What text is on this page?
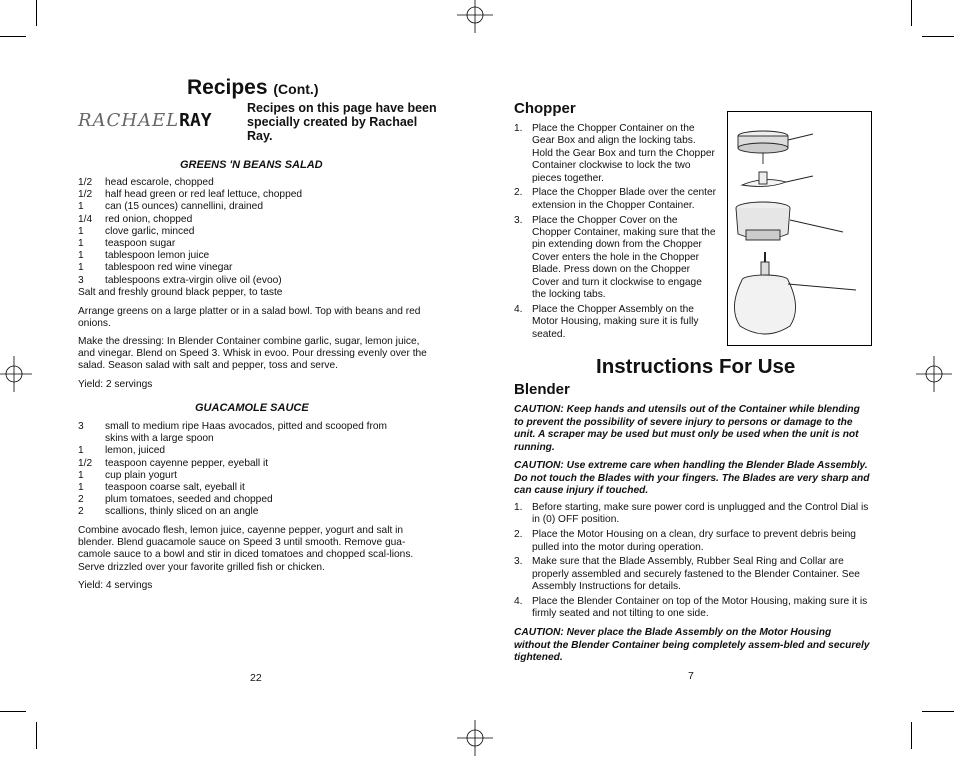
Recipes (Cont.)
RACHAELRAY
Recipes on this page have been specially created by Rachael Ray.
GREENS 'N BEANS SALAD
1/2	head escarole, chopped
1/2	half head green or red leaf lettuce, chopped
1	can (15 ounces) cannellini, drained
1/4	red onion, chopped
1	clove garlic, minced
1	teaspoon sugar
1	tablespoon lemon juice
1	tablespoon red wine vinegar
3	tablespoons extra-virgin olive oil (evoo)
Salt and freshly ground black pepper, to taste
Arrange greens on a large platter or in a salad bowl. Top with beans and red onions.
Make the dressing: In Blender Container combine garlic, sugar, lemon juice, and vinegar. Blend on Speed 3. Whisk in evoo. Pour dressing evenly over the salad. Season salad with salt and pepper, toss and serve.
Yield: 2 servings
GUACAMOLE SAUCE
3	small to medium ripe Haas avocados, pitted and scooped from skins with a large spoon
1	lemon, juiced
1/2	teaspoon cayenne pepper, eyeball it
1	cup plain yogurt
1	teaspoon coarse salt, eyeball it
2	plum tomatoes, seeded and chopped
2	scallions, thinly sliced on an angle
Combine avocado flesh, lemon juice, cayenne pepper, yogurt and salt in blender. Blend guacamole sauce on Speed 3 until smooth. Remove gua-camole sauce to a bowl and stir in diced tomatoes and chopped scal-lions. Serve drizzled over your favorite grilled fish or chicken.
Yield: 4 servings
22
Chopper
1. Place the Chopper Container on the Gear Box and align the locking tabs. Hold the Gear Box and turn the Chopper Container clockwise to lock the two pieces together.
2. Place the Chopper Blade over the center extension in the Chopper Container.
3. Place the Chopper Cover on the Chopper Container, making sure that the pin extending down from the Chopper Cover enters the hole in the Chopper Blade. Press down on the Chopper Cover and turn it clockwise to engage the locking tabs.
4. Place the Chopper Assembly on the Motor Housing, making sure it is fully seated.
Instructions For Use
Blender
CAUTION: Keep hands and utensils out of the Container while blending to prevent the possibility of severe injury to persons or damage to the unit. A scraper may be used but must only be used when the unit is not running.
CAUTION: Use extreme care when handling the Blender Blade Assembly. Do not touch the Blades with your fingers. The Blades are very sharp and can cause injury if touched.
1. Before starting, make sure power cord is unplugged and the Control Dial is in (0) OFF position.
2. Place the Motor Housing on a clean, dry surface to prevent debris being pulled into the motor during operation.
3. Make sure that the Blade Assembly, Rubber Seal Ring and Collar are properly assembled and securely fastened to the Blender Container. See Assembly Instructions for details.
4. Place the Blender Container on top of the Motor Housing, making sure it is firmly seated and not tilting to one side.
CAUTION: Never place the Blade Assembly on the Motor Housing without the Blender Container being completely assem-bled and securely tightened.
7
